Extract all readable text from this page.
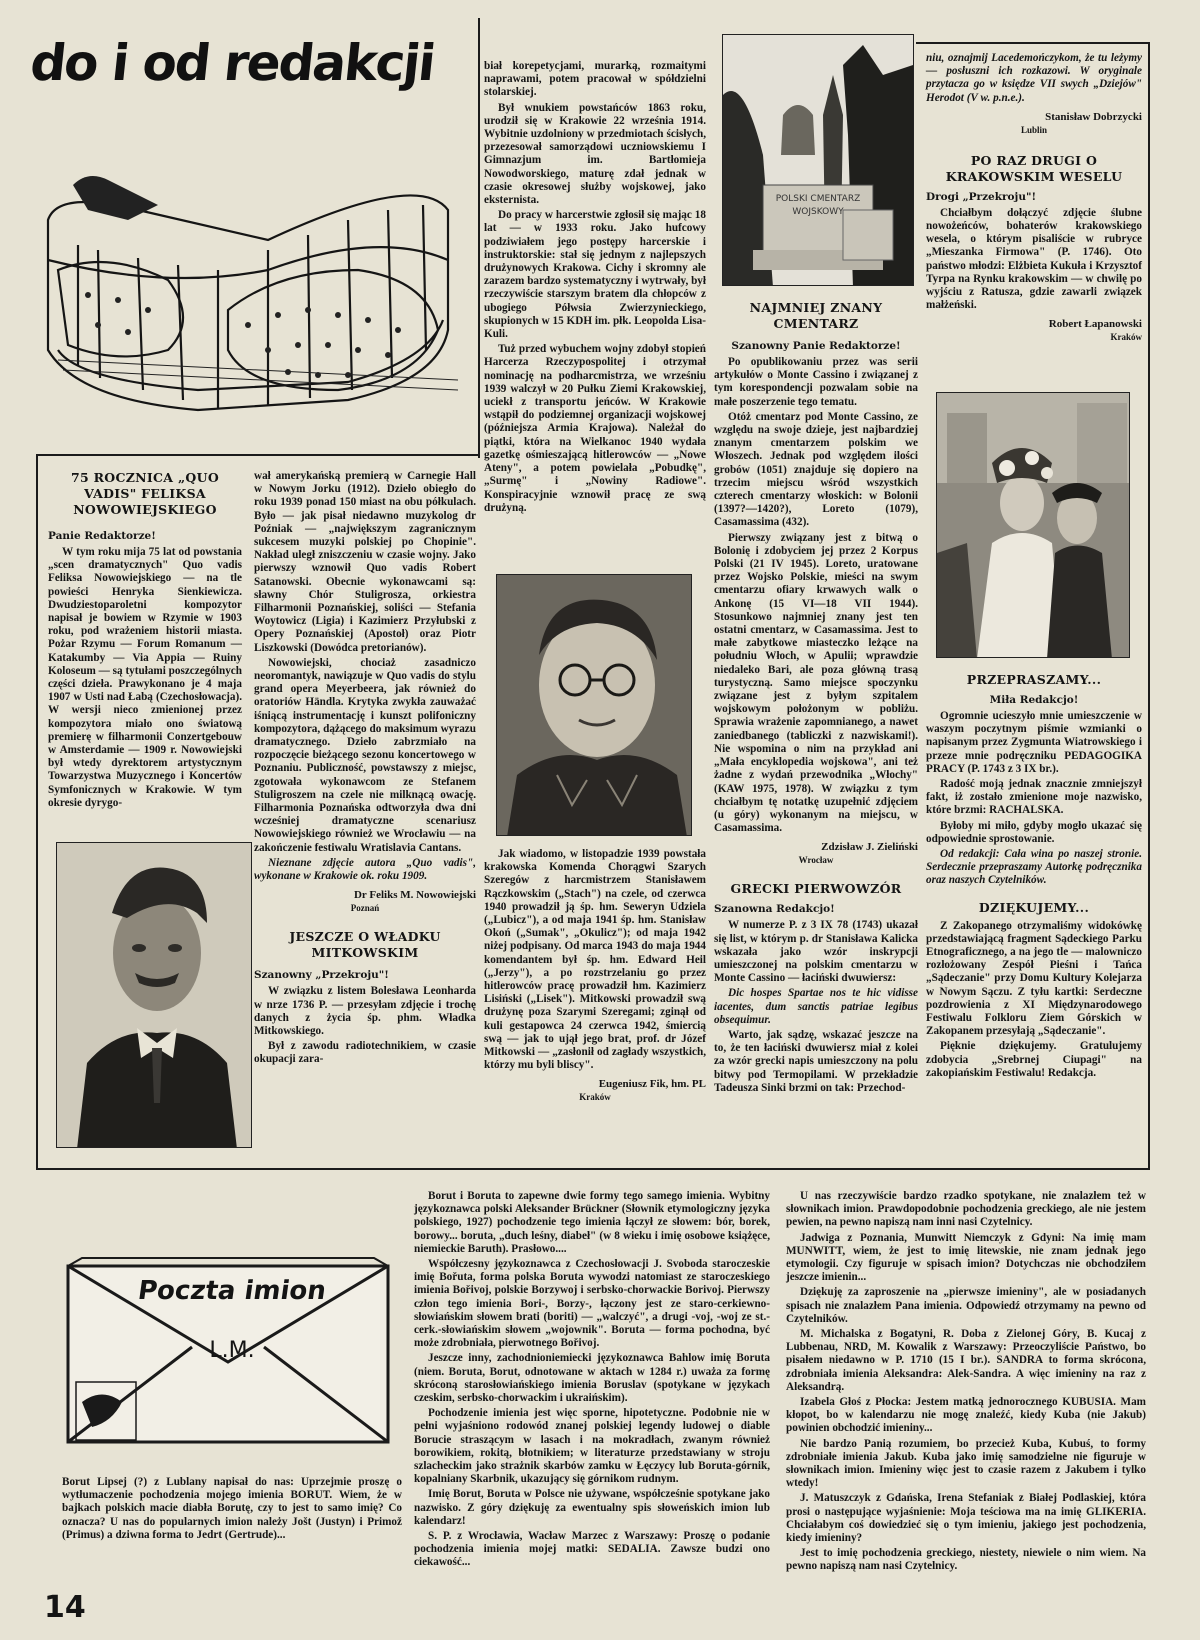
do i od redakcji
75 ROCZNICA „QUO VADIS" FELIKSA NOWOWIEJSKIEGO
Panie Redaktorze!
W tym roku mija 75 lat od powstania „scen dramatycznych" Quo vadis Feliksa Nowowiejskiego — na tle powieści Henryka Sienkiewicza. Dwudziestoparoletni kompozytor napisał je bowiem w Rzymie w 1903 roku, pod wrażeniem historii miasta. Pożar Rzymu — Forum Romanum — Katakumby — Via Appia — Ruiny Koloseum — są tytułami poszczególnych części dzieła. Prawykonano je 4 maja 1907 w Usti nad Łabą (Czechosłowacja). W wersji nieco zmienionej przez kompozytora miało ono światową premierę w filharmonii Conzertgebouw w Amsterdamie — 1909 r. Nowowiejski był wtedy dyrektorem artystycznym Towarzystwa Muzycznego i Koncertów Symfonicznych w Krakowie. W tym okresie dyrygo-
wał amerykańską premierą w Carnegie Hall w Nowym Jorku (1912). Dzieło obiegło do roku 1939 ponad 150 miast na obu półkulach. Było — jak pisał niedawno muzykolog dr Poźniak — „największym zagranicznym sukcesem muzyki polskiej po Chopinie". Nakład uległ zniszczeniu w czasie wojny. Jako pierwszy wznowił Quo vadis Robert Satanowski. Obecnie wykonawcami są: sławny Chór Stuligrosza, orkiestra Filharmonii Poznańskiej, soliści — Stefania Woytowicz (Ligia) i Kazimierz Przyłubski z Opery Poznańskiej (Apostoł) oraz Piotr Liszkowski (Dowódca pretorianów).
Nowowiejski, chociaż zasadniczo neoromantyk, nawiązuje w Quo vadis do stylu grand opera Meyerbeera, jak również do oratoriów Händla. Krytyka zwykła zauważać iśniącą instrumentację i kunszt polifoniczny kompozytora, dążącego do maksimum wyrazu dramatycznego. Dzieło zabrzmiało na rozpoczęcie bieżącego sezonu koncertowego w Poznaniu. Publiczność, powstawszy z miejsc, zgotowała wykonawcom ze Stefanem Stuligroszem na czele nie milknącą owację. Filharmonia Poznańska odtworzyła dwa dni wcześniej dramatyczne scenariusz Nowowiejskiego również we Wrocławiu — na zakończenie festiwalu Wratislavia Cantans.
Nieznane zdjęcie autora „Quo vadis", wykonane w Krakowie ok. roku 1909.
Dr Feliks M. Nowowiejski
Poznań
JESZCZE O WŁADKU MITKOWSKIM
Szanowny „Przekroju"!
W związku z listem Bolesława Leonharda w nrze 1736 P. — przesyłam zdjęcie i trochę danych z życia śp. phm. Władka Mitkowskiego.
Był z zawodu radiotechnikiem, w czasie okupacji zara-
biał korepetycjami, murarką, rozmaitymi naprawami, potem pracował w spółdzielni stolarskiej.
Był wnukiem powstańców 1863 roku, urodził się w Krakowie 22 września 1914. Wybitnie uzdolniony w przedmiotach ścisłych, przezesował samorządowi uczniowskiemu I Gimnazjum im. Bartłomieja Nowodworskiego, maturę zdał jednak w czasie okresowej służby wojskowej, jako eksternista.
Do pracy w harcerstwie zgłosił się mając 18 lat — w 1933 roku. Jako hufcowy podziwiałem jego postępy harcerskie i instruktorskie: stał się jednym z najlepszych drużynowych Krakowa. Cichy i skromny ale zarazem bardzo systematyczny i wytrwały, był rzeczywiście starszym bratem dla chłopców z ubogiego Półwsia Zwierzynieckiego, skupionych w 15 KDH im. płk. Leopolda Lisa-Kuli.
Tuż przed wybuchem wojny zdobył stopień Harcerza Rzeczypospolitej i otrzymał nominację na podharcmistrza, we wrześniu 1939 walczył w 20 Pułku Ziemi Krakowskiej, uciekł z transportu jeńców. W Krakowie wstąpił do podziemnej organizacji wojskowej (późniejsza Armia Krajowa). Należał do piątki, która na Wielkanoc 1940 wydała gazetkę ośmieszającą hitlerowców — „Nowe Ateny", a potem powielała „Pobudkę", „Surmę" i „Nowiny Radiowe". Konspiracyjnie wznowił pracę ze swą drużyną.
Jak wiadomo, w listopadzie 1939 powstała krakowska Komenda Chorągwi Szarych Szeregów z harcmistrzem Stanisławem Rączkowskim („Stach") na czele, od czerwca 1940 prowadził ją śp. hm. Seweryn Udziela („Lubicz"), a od maja 1941 śp. hm. Stanisław Okoń („Sumak", „Okulicz"); od maja 1942 niżej podpisany. Od marca 1943 do maja 1944 komendantem był śp. hm. Edward Heil („Jerzy"), a po rozstrzelaniu go przez hitlerowców pracę prowadził hm. Kazimierz Lisiński („Lisek"). Mitkowski prowadził swą drużynę poza Szarymi Szeregami; zginął od kuli gestapowca 24 czerwca 1942, śmiercią swą — jak to ujął jego brat, prof. dr Józef Mitkowski — „zasłonił od zagłady wszystkich, którzy mu byli bliscy".
Eugeniusz Fik, hm. PL
Kraków
POLSKI CMENTARZ WOJSKOWY
NAJMNIEJ ZNANY CMENTARZ
Szanowny Panie Redaktorze!
Po opublikowaniu przez was serii artykułów o Monte Cassino i związanej z tym korespondencji pozwalam sobie na małe poszerzenie tego tematu.
Otóż cmentarz pod Monte Cassino, ze względu na swoje dzieje, jest najbardziej znanym cmentarzem polskim we Włoszech. Jednak pod względem ilości grobów (1051) znajduje się dopiero na trzecim miejscu wśród wszystkich czterech cmentarzy włoskich: w Bolonii (1397?—1420?), Loreto (1079), Casamassima (432).
Pierwszy związany jest z bitwą o Bolonię i zdobyciem jej przez 2 Korpus Polski (21 IV 1945). Loreto, uratowane przez Wojsko Polskie, mieści na swym cmentarzu ofiary krwawych walk o Ankonę (15 VI—18 VII 1944). Stosunkowo najmniej znany jest ten ostatni cmentarz, w Casamassima. Jest to małe zabytkowe miasteczko leżące na południu Włoch, w Apulii; wprawdzie niedaleko Bari, ale poza główną trasą turystyczną. Samo miejsce spoczynku związane jest z byłym szpitalem wojskowym położonym w pobliżu. Sprawia wrażenie zapomnianego, a nawet zaniedbanego (tabliczki z nazwiskami!). Nie wspomina o nim na przykład ani „Mała encyklopedia wojskowa", ani też żadne z wydań przewodnika „Włochy" (KAW 1975, 1978). W związku z tym chciałbym tę notatkę uzupełnić zdjęciem (u góry) wykonanym na miejscu, w Casamassima.
Zdzisław J. Zieliński
Wrocław
GRECKI PIERWOWZÓR
Szanowna Redakcjo!
W numerze P. z 3 IX 78 (1743) ukazał się list, w którym p. dr Stanisława Kalicka wskazała jako wzór inskrypcji umieszczonej na polskim cmentarzu w Monte Cassino — łaciński dwuwiersz:
Dic hospes Spartae nos te hic vidisse iacentes, dum sanctis patriae legibus obsequimur.
Warto, jak sądzę, wskazać jeszcze na to, że ten łaciński dwuwiersz miał z kolei za wzór grecki napis umieszczony na polu bitwy pod Termopilami. W przekładzie Tadeusza Sinki brzmi on tak: Przechod-
niu, oznajmij Lacedemończykom, że tu leżymy — posłuszni ich rozkazowi. W oryginale przytacza go w księdze VII swych „Dziejów" Herodot (V w. p.n.e.).
Stanisław Dobrzycki
Lublin
PO RAZ DRUGI O KRAKOWSKIM WESELU
Drogi „Przekroju"!
Chciałbym dołączyć zdjęcie ślubne nowożeńców, bohaterów krakowskiego wesela, o którym pisaliście w rubryce „Mieszanka Firmowa" (P. 1746). Oto państwo młodzi: Elżbieta Kukuła i Krzysztof Tyrpa na Rynku krakowskim — w chwilę po wyjściu z Ratusza, gdzie zawarli związek małżeński.
Robert Łapanowski
Kraków
PRZEPRASZAMY...
Miła Redakcjo!
Ogromnie ucieszyło mnie umieszczenie w waszym poczytnym piśmie wzmianki o napisanym przez Zygmunta Wiatrowskiego i przeze mnie podręczniku PEDAGOGIKA PRACY (P. 1743 z 3 IX br.).
Radość moją jednak znacznie zmniejszył fakt, iż zostało zmienione moje nazwisko, które brzmi: RACHALSKA.
Byłoby mi miło, gdyby mogło ukazać się odpowiednie sprostowanie.
Od redakcji: Cała wina po naszej stronie. Serdecznie przepraszamy Autorkę podręcznika oraz naszych Czytelników.
DZIĘKUJEMY...
Z Zakopanego otrzymaliśmy widokówkę przedstawiającą fragment Sądeckiego Parku Etnograficznego, a na jego tle — malowniczo rozłożowany Zespół Pieśni i Tańca „Sądeczanie" przy Domu Kultury Kolejarza w Nowym Sączu. Z tyłu kartki: Serdeczne pozdrowienia z XI Międzynarodowego Festiwalu Folkloru Ziem Górskich w Zakopanem przesyłają „Sądeczanie".
Pięknie dziękujemy. Gratulujemy zdobycia „Srebrnej Ciupagi" na zakopiańskim Festiwalu! Redakcja.
Poczta imion
L.M.
Borut Lipsej (?) z Lublany napisał do nas: Uprzejmie proszę o wytłumaczenie pochodzenia mojego imienia BORUT. Wiem, że w bajkach polskich macie diabła Borutę, czy to jest to samo imię? Co oznacza? U nas do popularnych imion należy Jošt (Justyn) i Primož (Primus) a dziwna forma to Jedrt (Gertrude)...
Borut i Boruta to zapewne dwie formy tego samego imienia. Wybitny językoznawca polski Aleksander Brückner (Słownik etymologiczny języka polskiego, 1927) pochodzenie tego imienia łączył ze słowem: bór, borek, borowy... boruta, „duch leśny, diabeł" (w 8 wieku i imię osobowe książęce, niemieckie Baruth). Prasłowo....
Współczesny językoznawca z Czechosłowacji J. Svoboda staroczeskie imię Bořuta, forma polska Boruta wywodzi natomiast ze staroczeskiego imienia Bořivoj, polskie Borzywoj i serbsko-chorwackie Borivoj. Pierwszy człon tego imienia Bori-, Borzy-, łączony jest ze staro-cerkiewno-słowiańskim słowem brati (boriti) — „walczyć", a drugi -voj, -woj ze st.-cerk.-słowiańskim słowem „wojownik". Boruta — forma pochodna, być może zdrobniała, pierwotnego Bořivoj.
Jeszcze inny, zachodnioniemiecki językoznawca Bahlow imię Boruta (niem. Boruta, Borut, odnotowane w aktach w 1284 r.) uważa za formę skróconą starosłowiańskiego imienia Boruslav (spotykane w językach czeskim, serbsko-chorwackim i ukraińskim).
Pochodzenie imienia jest więc sporne, hipotetyczne. Podobnie nie w pełni wyjaśniono rodowód znanej polskiej legendy ludowej o diable Borucie straszącym w lasach i na mokradłach, zwanym również borowikiem, rokitą, błotnikiem; w literaturze przedstawiany w stroju szlacheckim jako strażnik skarbów zamku w Łęczycy lub Boruta-górnik, kopalniany Skarbnik, ukazujący się górnikom rudnym.
Imię Borut, Boruta w Polsce nie używane, współcześnie spotykane jako nazwisko. Z góry dziękuję za ewentualny spis słoweńskich imion lub kalendarz!
S. P. z Wrocławia, Wacław Marzec z Warszawy: Proszę o podanie pochodzenia imienia mojej matki: SEDALIA. Zawsze budzi ono ciekawość...
U nas rzeczywiście bardzo rzadko spotykane, nie znalazłem też w słownikach imion. Prawdopodobnie pochodzenia greckiego, ale nie jestem pewien, na pewno napiszą nam inni nasi Czytelnicy.
Jadwiga z Poznania, Munwitt Niemczyk z Gdyni: Na imię mam MUNWITT, wiem, że jest to imię litewskie, nie znam jednak jego etymologii. Czy figuruje w spisach imion? Dotychczas nie obchodziłem jeszcze imienin...
Dziękuję za zaproszenie na „pierwsze imieniny", ale w posiadanych spisach nie znalazłem Pana imienia. Odpowiedź otrzymamy na pewno od Czytelników.
M. Michalska z Bogatyni, R. Doba z Zielonej Góry, B. Kucaj z Lubbenau, NRD, M. Kowalik z Warszawy: Przeoczyliście Państwo, bo pisałem niedawno w P. 1710 (15 I br.). SANDRA to forma skrócona, zdrobniała imienia Aleksandra: Alek-Sandra. A więc imieniny na raz z Aleksandrą.
Izabela Głoś z Płocka: Jestem matką jednorocznego KUBUSIA. Mam kłopot, bo w kalendarzu nie mogę znaleźć, kiedy Kuba (nie Jakub) powinien obchodzić imieniny...
Nie bardzo Panią rozumiem, bo przecież Kuba, Kubuś, to formy zdrobniałe imienia Jakub. Kuba jako imię samodzielne nie figuruje w słownikach imion. Imieniny więc jest to czasie razem z Jakubem i tylko wtedy!
J. Matuszczyk z Gdańska, Irena Stefaniak z Białej Podlaskiej, która prosi o następujące wyjaśnienie: Moja teściowa ma na imię GLIKERIA. Chciałabym coś dowiedzieć się o tym imieniu, jakiego jest pochodzenia, kiedy imieniny?
Jest to imię pochodzenia greckiego, niestety, niewiele o nim wiem. Na pewno napiszą nam nasi Czytelnicy.
14
